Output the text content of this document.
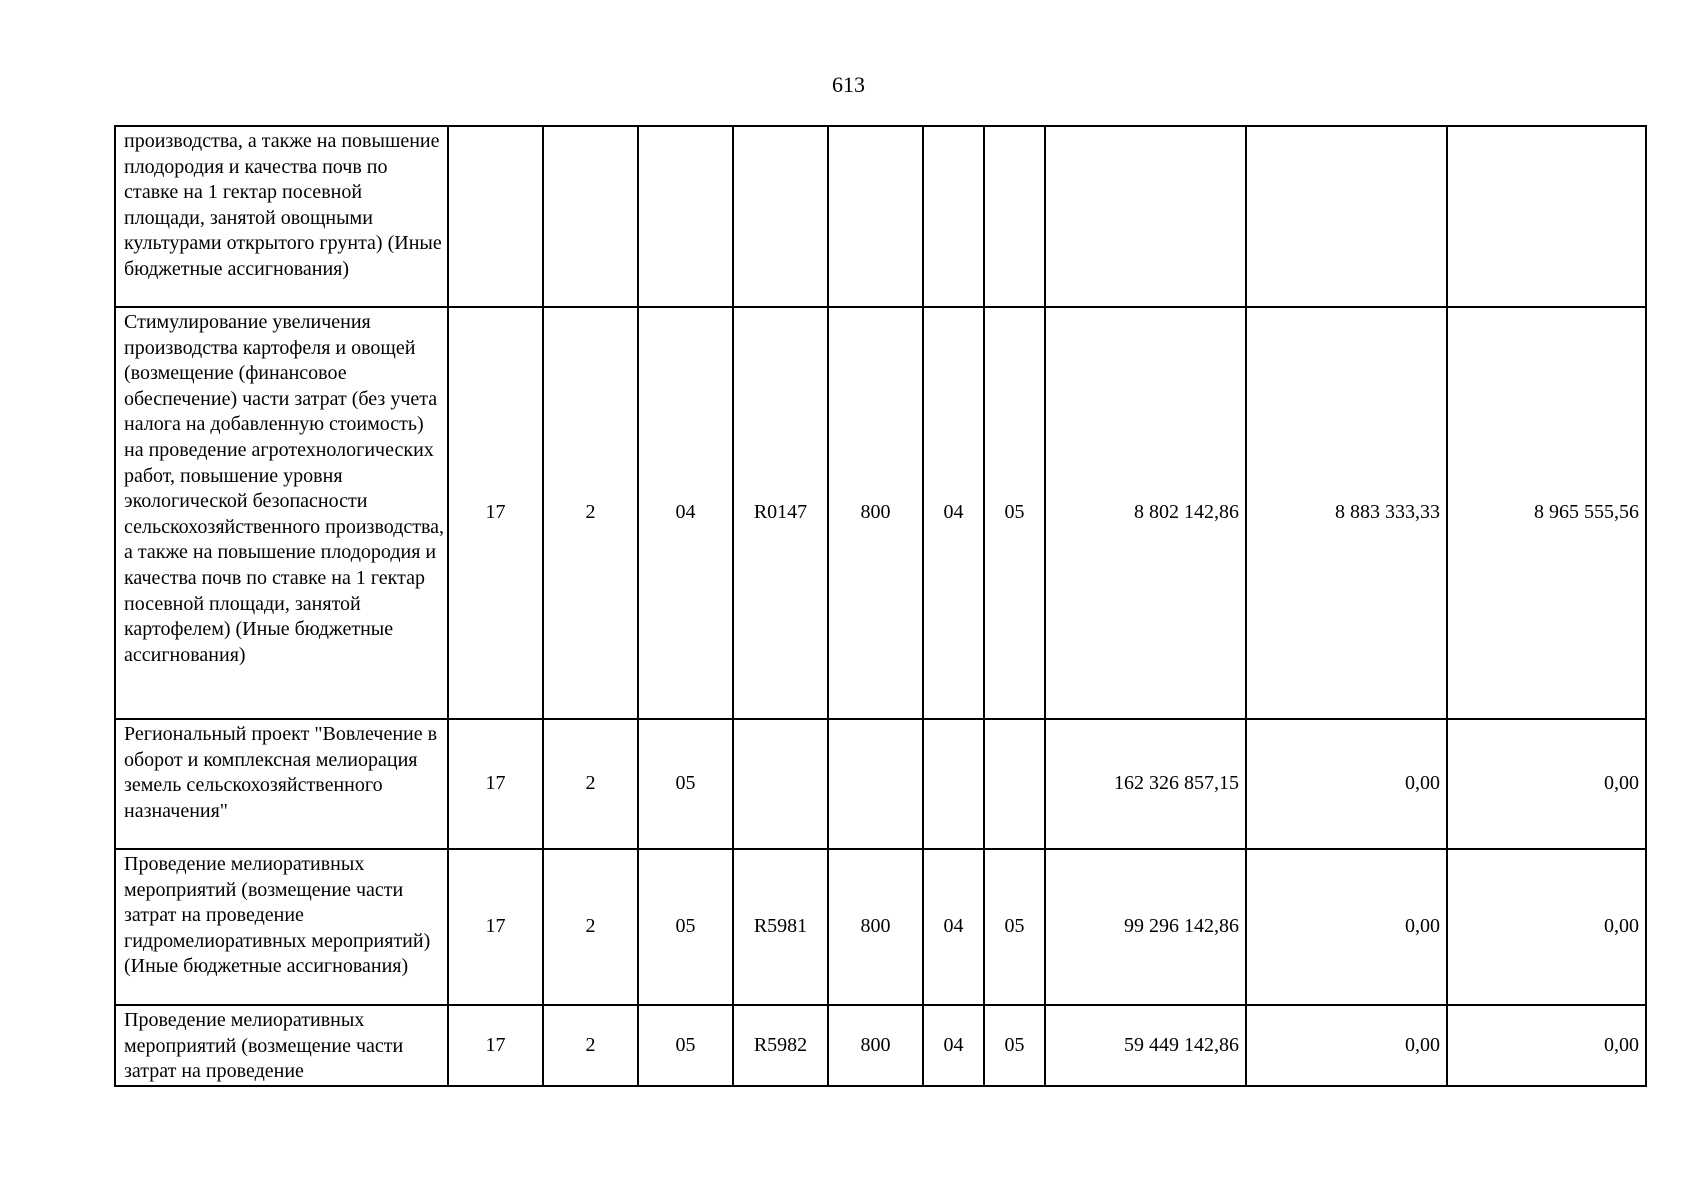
613
производства, а также на повышение плодородия и качества почв по ставке на 1 гектар посевной площади, занятой овощными культурами открытого грунта) (Иные бюджетные ассигнования)										
Стимулирование увеличения производства картофеля и овощей (возмещение (финансовое обеспечение) части затрат (без учета налога на добавленную стоимость) на проведение агротехнологических работ, повышение уровня экологической безопасности сельскохозяйственного производства, а также на повышение плодородия и качества почв по ставке на 1 гектар посевной площади, занятой картофелем) (Иные бюджетные ассигнования)	17	2	04	R0147	800	04	05	8 802 142,86	8 883 333,33	8 965 555,56
Региональный проект "Вовлечение в оборот и комплексная мелиорация земель сельскохозяйственного назначения"	17	2	05					162 326 857,15	0,00	0,00
Проведение мелиоративных мероприятий (возмещение части затрат на проведение гидромелиоративных мероприятий) (Иные бюджетные ассигнования)	17	2	05	R5981	800	04	05	99 296 142,86	0,00	0,00
Проведение мелиоративных мероприятий (возмещение части затрат на проведение	17	2	05	R5982	800	04	05	59 449 142,86	0,00	0,00
